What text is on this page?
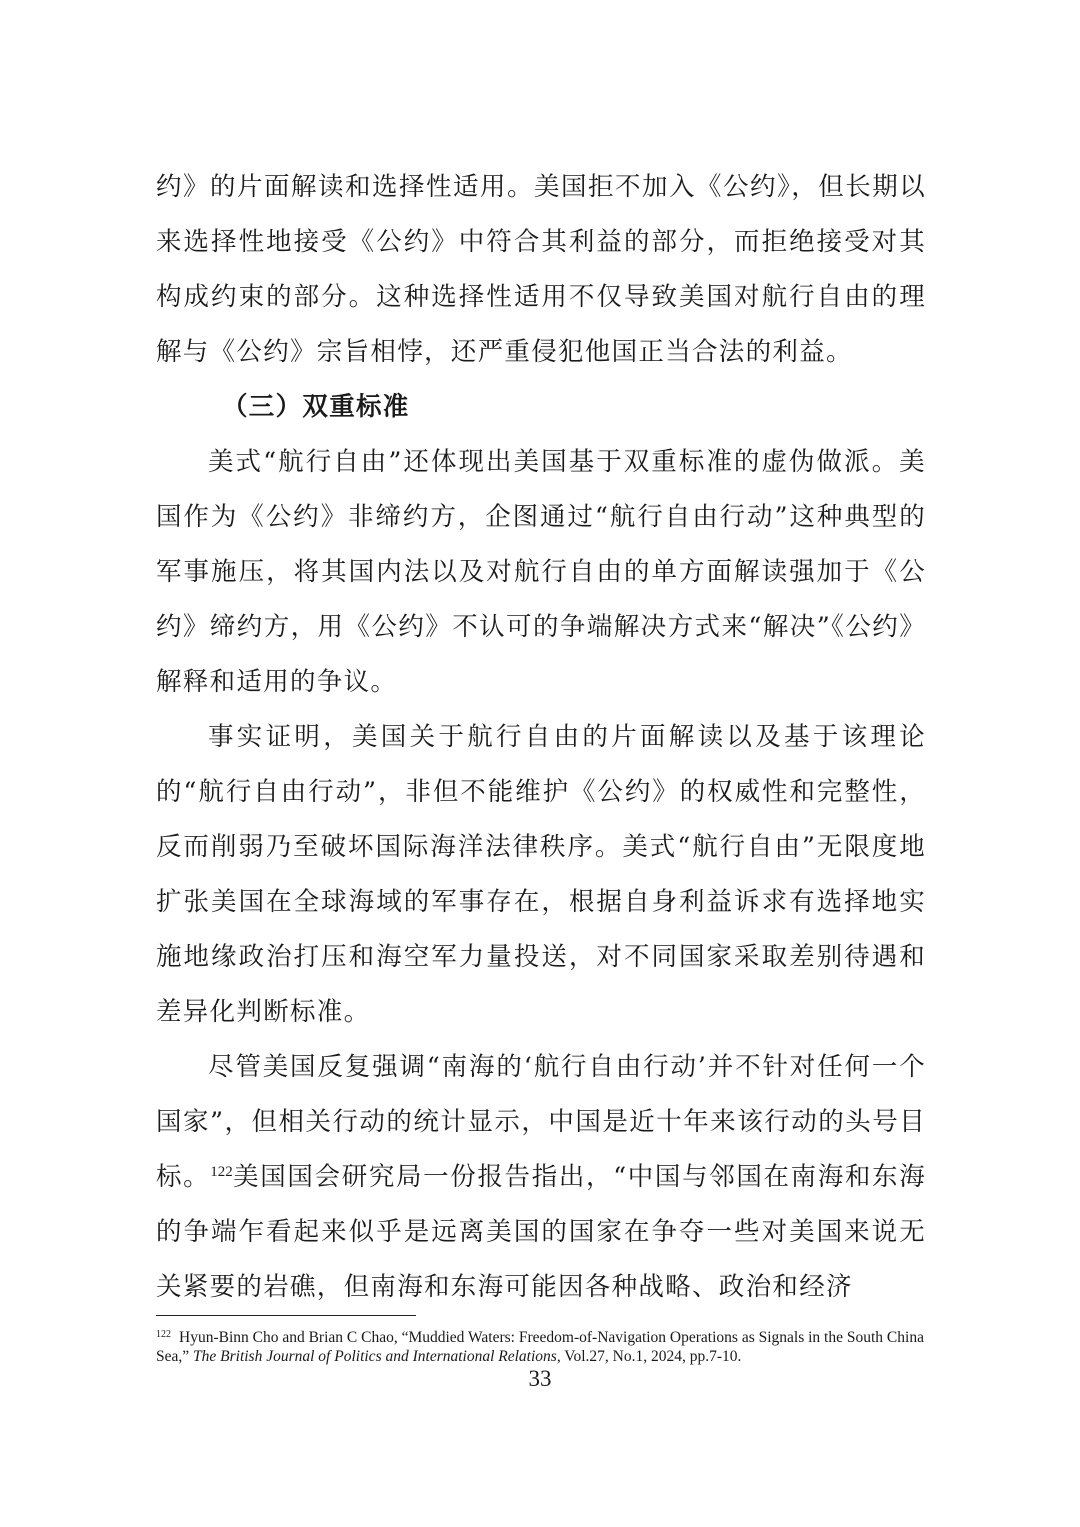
约》的片面解读和选择性适用。美国拒不加入《公约》，但长期以来选择性地接受《公约》中符合其利益的部分，而拒绝接受对其构成约束的部分。这种选择性适用不仅导致美国对航行自由的理解与《公约》宗旨相悖，还严重侵犯他国正当合法的利益。

（三）双重标准

美式“航行自由”还体现出美国基于双重标准的虚伪做派。美国作为《公约》非缔约方，企图通过“航行自由行动”这种典型的军事施压，将其国内法以及对航行自由的单方面解读强加于《公约》缔约方，用《公约》不认可的争端解决方式来“解决”《公约》解释和适用的争议。

事实证明，美国关于航行自由的片面解读以及基于该理论的“航行自由行动”，非但不能维护《公约》的权威性和完整性，反而削弱乃至破坏国际海洋法律秩序。美式“航行自由”无限度地扩张美国在全球海域的军事存在，根据自身利益诉求有选择地实施地缘政治打压和海空军力量投送，对不同国家采取差别待遇和差异化判断标准。

尽管美国反复强调“南海的‘航行自由行动’并不针对任何一个国家”，但相关行动的统计显示，中国是近十年来该行动的头号目标。$^{122}$美国国会研究局一份报告指出，“中国与邻国在南海和东海的争端乍看起来似乎是远离美国的国家在争夺一些对美国来说无关紧要的岩礁，但南海和东海可能因各种战略、政治和经济

$^{122}$ Hyun-Binn Cho and Brian C Chao, “Muddied Waters: Freedom-of-Navigation Operations as Signals in the South China Sea,” The British Journal of Politics and International Relations, Vol.27, No.1, 2024, pp.7-10.
33
